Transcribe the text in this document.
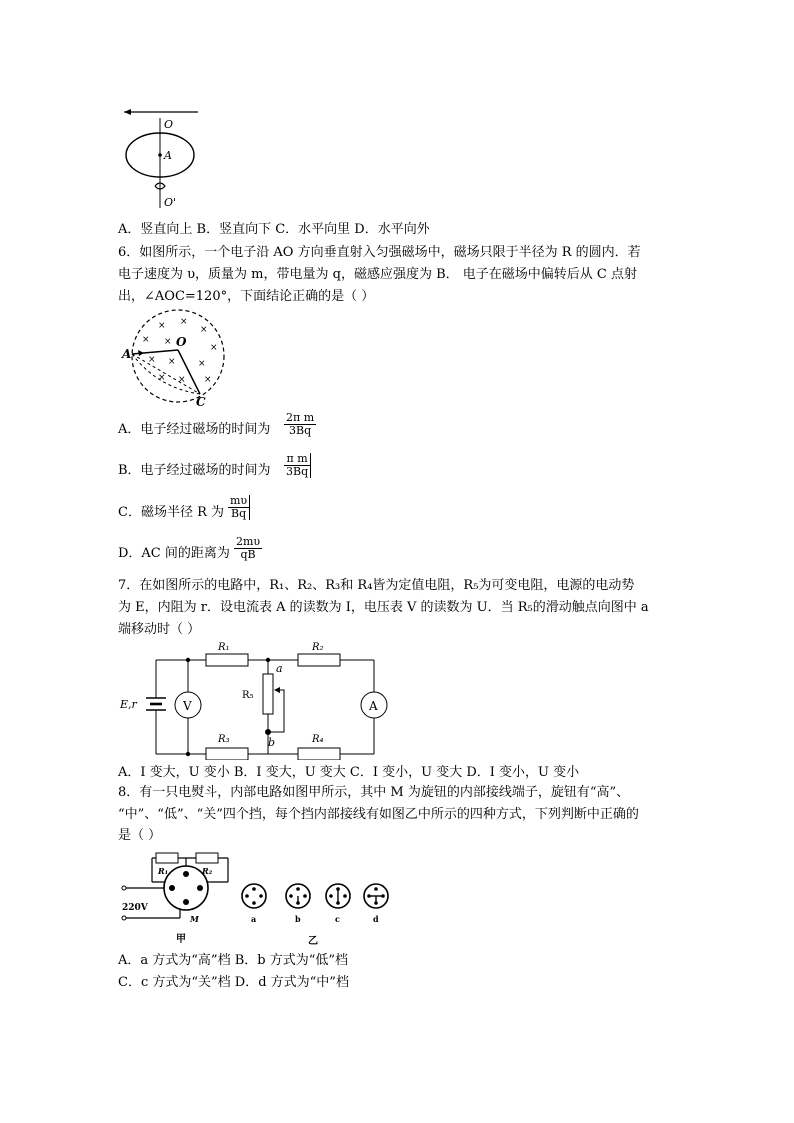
O
A
O'
A．竖直向上 B．竖直向下 C．水平向里 D．水平向外
6．如图所示，一个电子沿 AO 方向垂直射入匀强磁场中，磁场只限于半径为 R 的圆内．若
电子速度为 υ，质量为 m，带电量为 q，磁感应强度为 B． 电子在磁场中偏转后从 C 点射
出，∠AOC=120°，下面结论正确的是（ ）
× ×
×
× ×
×
× × ×
× × ×
A
O
C
A．电子经过磁场的时间为
2π m
3Bq
B．电子经过磁场的时间为
π m
3Bq
C．磁场半径 R 为
mυ
Bq
D．AC 间的距离为
2mυ
qB
7．在如图所示的电路中，R₁、R₂、R₃和 R₄皆为定值电阻，R₅为可变电阻，电源的电动势
为 E，内阻为 r．设电流表 A 的读数为 I，电压表 V 的读数为 U．当 R₅的滑动触点向图中 a
端移动时（ ）
V	A
R₁	R₂
R₃	R₄
R₅
a
b
E,r
A．I 变大，U 变小 B．I 变大，U 变大 C．I 变小，U 变大 D．I 变小，U 变小
8．有一只电熨斗，内部电路如图甲所示，其中 M 为旋钮的内部接线端子，旋钮有“高”、
“中”、“低”、“关”四个挡，每个挡内部接线有如图乙中所示的四种方式，下列判断中正确的
是（ ）
R₁	R₂
220V
M	a	b	c	d
甲	乙
A．a 方式为“高”档 B．b 方式为“低”档
C．c 方式为“关”档 D．d 方式为“中”档
